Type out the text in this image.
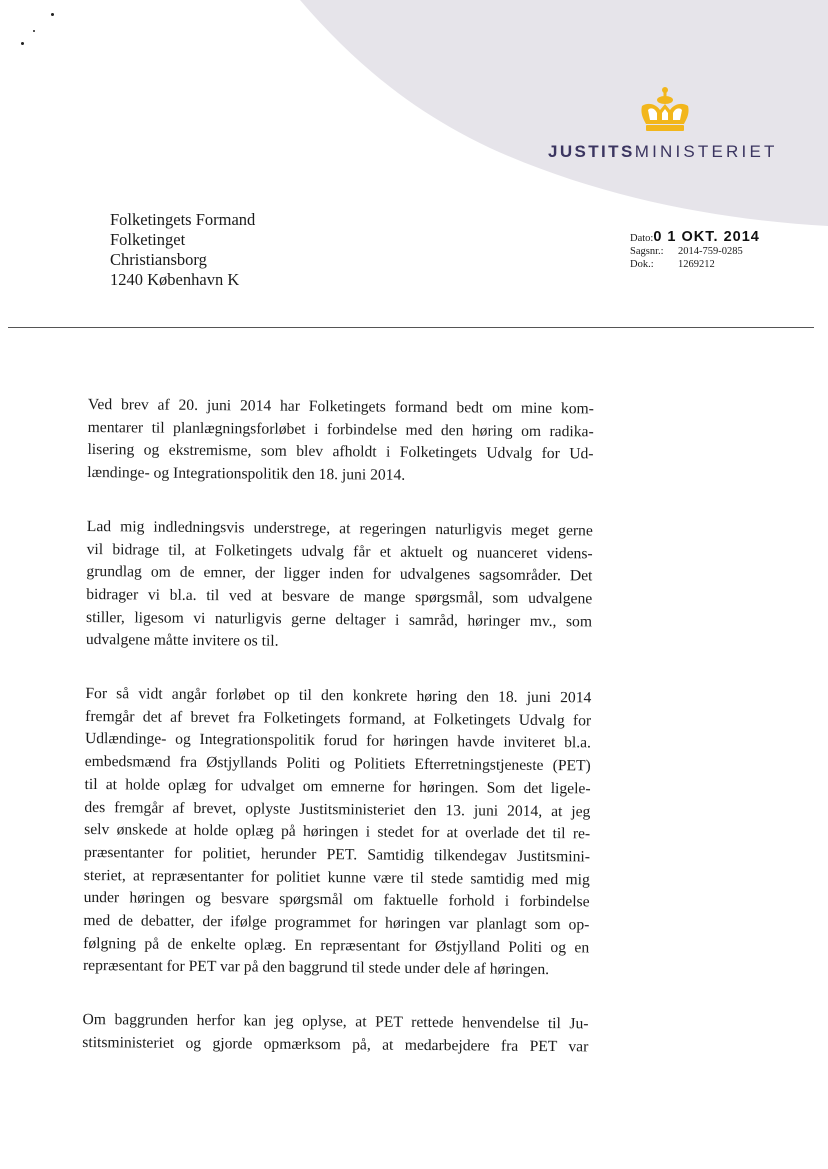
JUSTITSMINISTERIET
Folketingets Formand
Folketinget
Christiansborg
1240 København K
Dato: 0 1 OKT. 2014
Sagsnr.:	2014-759-0285
Dok.:	1269212

Ved brev af 20. juni 2014 har Folketingets formand bedt om mine kom-
mentarer til planlægningsforløbet i forbindelse med den høring om radika-
lisering og ekstremisme, som blev afholdt i Folketingets Udvalg for Ud-
lændinge- og Integrationspolitik den 18. juni 2014.

Lad mig indledningsvis understrege, at regeringen naturligvis meget gerne
vil bidrage til, at Folketingets udvalg får et aktuelt og nuanceret videns-
grundlag om de emner, der ligger inden for udvalgenes sagsområder. Det
bidrager vi bl.a. til ved at besvare de mange spørgsmål, som udvalgene
stiller, ligesom vi naturligvis gerne deltager i samråd, høringer mv., som
udvalgene måtte invitere os til.

For så vidt angår forløbet op til den konkrete høring den 18. juni 2014
fremgår det af brevet fra Folketingets formand, at Folketingets Udvalg for
Udlændinge- og Integrationspolitik forud for høringen havde inviteret bl.a.
embedsmænd fra Østjyllands Politi og Politiets Efterretningstjeneste (PET)
til at holde oplæg for udvalget om emnerne for høringen. Som det ligele-
des fremgår af brevet, oplyste Justitsministeriet den 13. juni 2014, at jeg
selv ønskede at holde oplæg på høringen i stedet for at overlade det til re-
præsentanter for politiet, herunder PET. Samtidig tilkendegav Justitsmini-
steriet, at repræsentanter for politiet kunne være til stede samtidig med mig
under høringen og besvare spørgsmål om faktuelle forhold i forbindelse
med de debatter, der ifølge programmet for høringen var planlagt som op-
følgning på de enkelte oplæg. En repræsentant for Østjylland Politi og en
repræsentant for PET var på den baggrund til stede under dele af høringen.

Om baggrunden herfor kan jeg oplyse, at PET rettede henvendelse til Ju-
stitsministeriet og gjorde opmærksom på, at medarbejdere fra PET var
